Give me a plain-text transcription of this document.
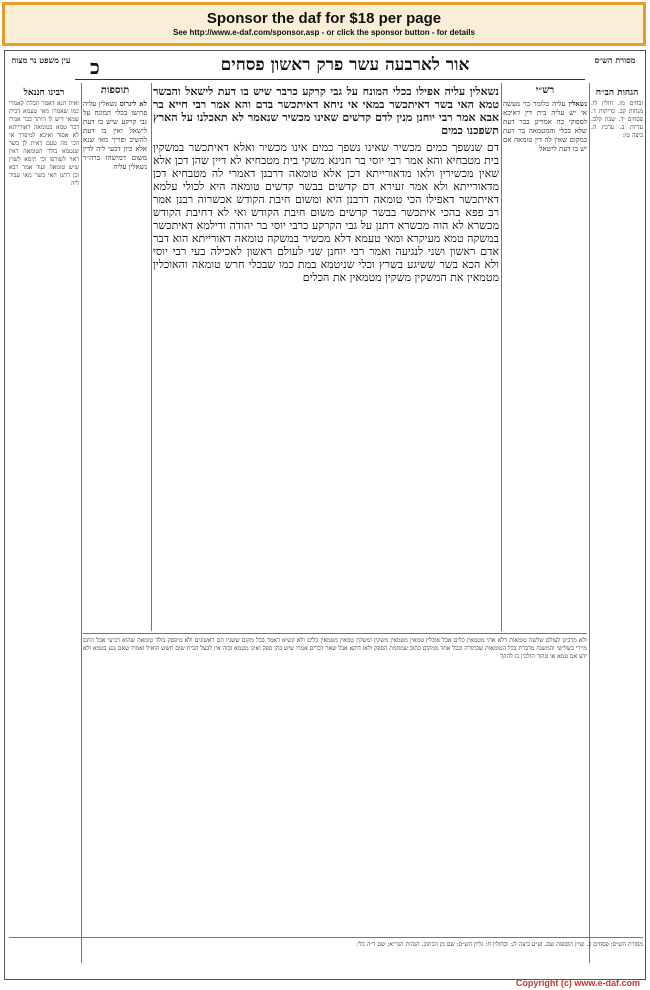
Sponsor the daf for $18 per page
See http://www.e-daf.com/sponsor.asp - or click the sponsor button - for details
עין משפט נר מצוה כ	אור לארבעה עשר פרק ראשון פסחים	מסורת הש״ס

רש״י

נשאלין עליה כלומר בר מעשה אי יש עליה בית דין דאיכא לספוקי בה אמרינן בבר דעת שלא בכלי והמטמאה בר דעת במקום שאין לה דין טומאה אם יש בו דעת לישאל

נשאלין עליה אפילו בכלי המונח על גבי קרקע כרבר שיש בו דעת לישאל והבשר טמא האי בשר דאיתכשר במאי אי ניחא דאיתכשר בדם והא אמר רבי חייא בר אבא אמר רבי יוחנן מנין לדם קדשים שאינו מכשיר שנאמר לא תאכלנו על הארץ תשפכנו כמים

דם שנשפך כמים מכשיר שאינו נשפך כמים אינו מכשיר ואלא דאיתכשר במשקין בית מטבחיא והא אמר רבי יוסי בר חנינא משקי בית מטבחיא לא דיין שהן דכן אלא שאין מכשירין ולאו מדאורייתא דכן אלא טומאה דרבנן דאמרי לה מטבחיא דכן מדאורייתא ולא אמר זעירא דם קדשים בבשר קדשים טומאה היא לכולי עלמא דאיתכשר דאפילו הכי טומאה דרבנן היא ומשום חיבת הקודש אכשרוה רבנן אמר רב פפא בהכי איתכשר בבשר קדשים משום חיבת הקודש ואי לא דחיבת הקודש מכשרא לא הוה מכשרא דתנן על גבי הקרקע כרבי יוסי בר יהודה ודילמא דאיתכשר במשקה טמא מעיקרא ומאי טעמא דלא מכשיר במשקה טומאה דאורייתא הוא דבר אדם ראשון ושני לנגיעה ואמר רבי יוחנן שני לעולם ראשון לאכילה בעי רבי יוסי ולא הכא בשר ששיגע בשרץ וכלי שניטמא במת כמו שבכלי חרש טומאה והאוכלין מטמאין את המשקין משקין מטמאין את הכלים

תוספות

לא ליגרוס נשאלין עליה פרושו בכלי המונח על גבי קרקע שיש בו דעת לישאל ואין בו דעת להשיב ופריך מאי שנא אלא כיון דבעי ליה לדין משום דמישהו ברה״ר נשאלין עליה

ולא מרבינן לעולם שלשה טומאות דלא אתי מטמאין כלים אבל אוכלין טמאין מטמאין משקין ומשקין טמאין מטמאין כלים ולא קשיא דאמר בכל מקום ששניו הם ראשונים ולא מיפסק בולד טומאה שהוא רביעי אבל התם מיירי בשלישי והמשנה מדברת בכל הטומאות שבתורה ובכל אחד ממקום כתוב שמחמת הספק ולאו דוקא אבל שאר דברים אמרו שיש בהן ספק ואינו מטמא ובזה אין לבעל הבית שום חשש הואיל ואמרו שאם נגע בטמא ולא ידע אם טמא או טהור הולכין בו להקל

רבינו חננאל

ואית תנא דאמר תכלת קאמרי כמו שאמרו מאי טעמא דבית שמאי דיש לו היתר כבר אמרו דבר טמא בטומאה דאורייתא לא אסור ואיכא למיפרך אי הכי מה טעם דאית לן בשר שנטמא בולד הטומאה דאין ראוי לשורפו וכי תימא לשוין שיש טומאה ועוד אמר רבא וכן דתנן האי בשר מאי עביד ליה

הגהות הב״ח

זבחים מו. חולין לו. מנחות קב. כריתות ד. פסחים יד. שבת קלב. עדיות ב. ערכין ה. ביצה טו:

מסורת הש״ס: פסחים כ. ועיין תוספות שם. וע״ע ביצה לג: ובחולין ח: גליון הש״ס: שם מן הכתוב. הגהות הגר״א: שם ד״ה כלי.

Copyright (c) www.e-daf.com
